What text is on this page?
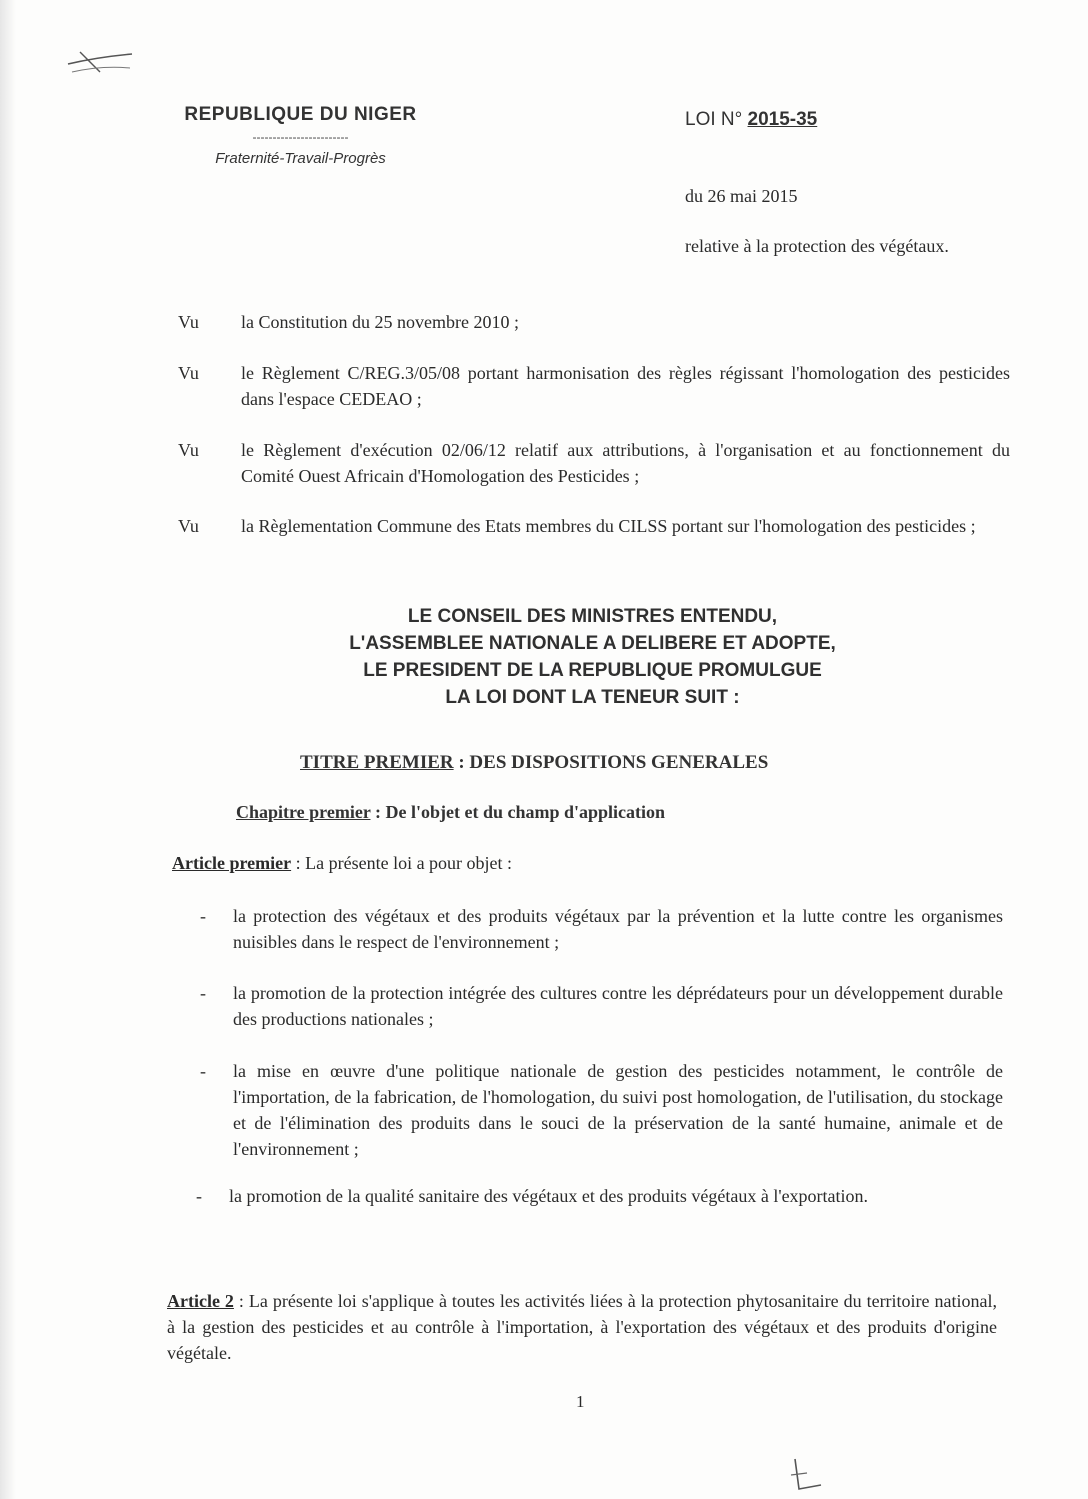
REPUBLIQUE DU NIGER
------------------------
Fraternité-Travail-Progrès
LOI N° 2015-35
du 26 mai 2015
relative à la protection des végétaux.
Vu	la Constitution du 25 novembre 2010 ;
Vu	le Règlement C/REG.3/05/08 portant harmonisation des règles régissant l'homologation des pesticides dans l'espace CEDEAO ;
Vu	le Règlement d'exécution 02/06/12 relatif aux attributions, à l'organisation et au fonctionnement du Comité Ouest Africain d'Homologation des Pesticides ;
Vu	la Règlementation Commune des Etats membres du CILSS portant sur l'homologation des pesticides ;
LE CONSEIL DES MINISTRES ENTENDU,
L'ASSEMBLEE NATIONALE A DELIBERE ET ADOPTE,
LE PRESIDENT DE LA REPUBLIQUE PROMULGUE
LA LOI DONT LA TENEUR SUIT :
TITRE PREMIER : DES DISPOSITIONS GENERALES
Chapitre premier : De l'objet et du champ d'application
Article premier : La présente loi a pour objet :
-	la protection des végétaux et des produits végétaux par la prévention et la lutte contre les organismes nuisibles dans le respect de l'environnement ;
-	la promotion de la protection intégrée des cultures contre les déprédateurs pour un développement durable des productions nationales ;
-	la mise en œuvre d'une politique nationale de gestion des pesticides notamment, le contrôle de l'importation, de la fabrication, de l'homologation, du suivi post homologation, de l'utilisation, du stockage et de l'élimination des produits dans le souci de la préservation de la santé humaine, animale et de l'environnement ;
-	la promotion de la qualité sanitaire des végétaux et des produits végétaux à l'exportation.
Article 2 : La présente loi s'applique à toutes les activités liées à la protection phytosanitaire du territoire national, à la gestion des pesticides et au contrôle à l'importation, à l'exportation des végétaux et des produits d'origine végétale.
1
